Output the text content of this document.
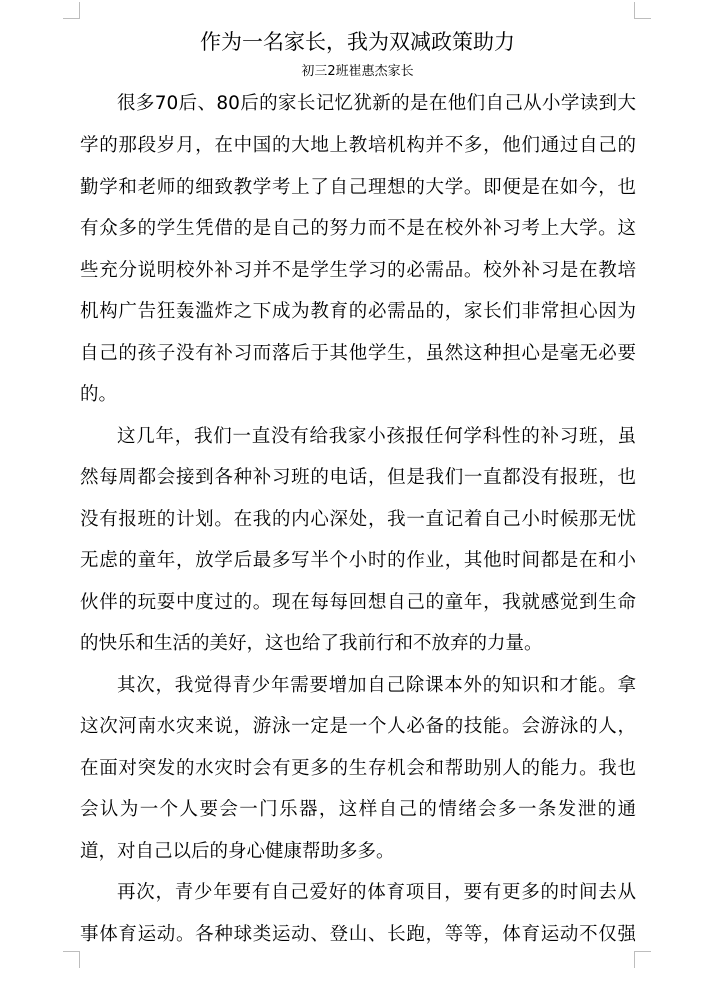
作为一名家长，我为双减政策助力
初三2班崔惠杰家长
很多70后、80后的家长记忆犹新的是在他们自己从小学读到大
学的那段岁月，在中国的大地上教培机构并不多，他们通过自己的
勤学和老师的细致教学考上了自己理想的大学。即便是在如今，也
有众多的学生凭借的是自己的努力而不是在校外补习考上大学。这
些充分说明校外补习并不是学生学习的必需品。校外补习是在教培
机构广告狂轰滥炸之下成为教育的必需品的，家长们非常担心因为
自己的孩子没有补习而落后于其他学生，虽然这种担心是毫无必要
的。
这几年，我们一直没有给我家小孩报任何学科性的补习班，虽
然每周都会接到各种补习班的电话，但是我们一直都没有报班，也
没有报班的计划。在我的内心深处，我一直记着自己小时候那无忧
无虑的童年，放学后最多写半个小时的作业，其他时间都是在和小
伙伴的玩耍中度过的。现在每每回想自己的童年，我就感觉到生命
的快乐和生活的美好，这也给了我前行和不放弃的力量。
其次，我觉得青少年需要增加自己除课本外的知识和才能。拿
这次河南水灾来说，游泳一定是一个人必备的技能。会游泳的人，
在面对突发的水灾时会有更多的生存机会和帮助别人的能力。我也
会认为一个人要会一门乐器，这样自己的情绪会多一条发泄的通
道，对自己以后的身心健康帮助多多。
再次，青少年要有自己爱好的体育项目，要有更多的时间去从
事体育运动。各种球类运动、登山、长跑，等等，体育运动不仅强
